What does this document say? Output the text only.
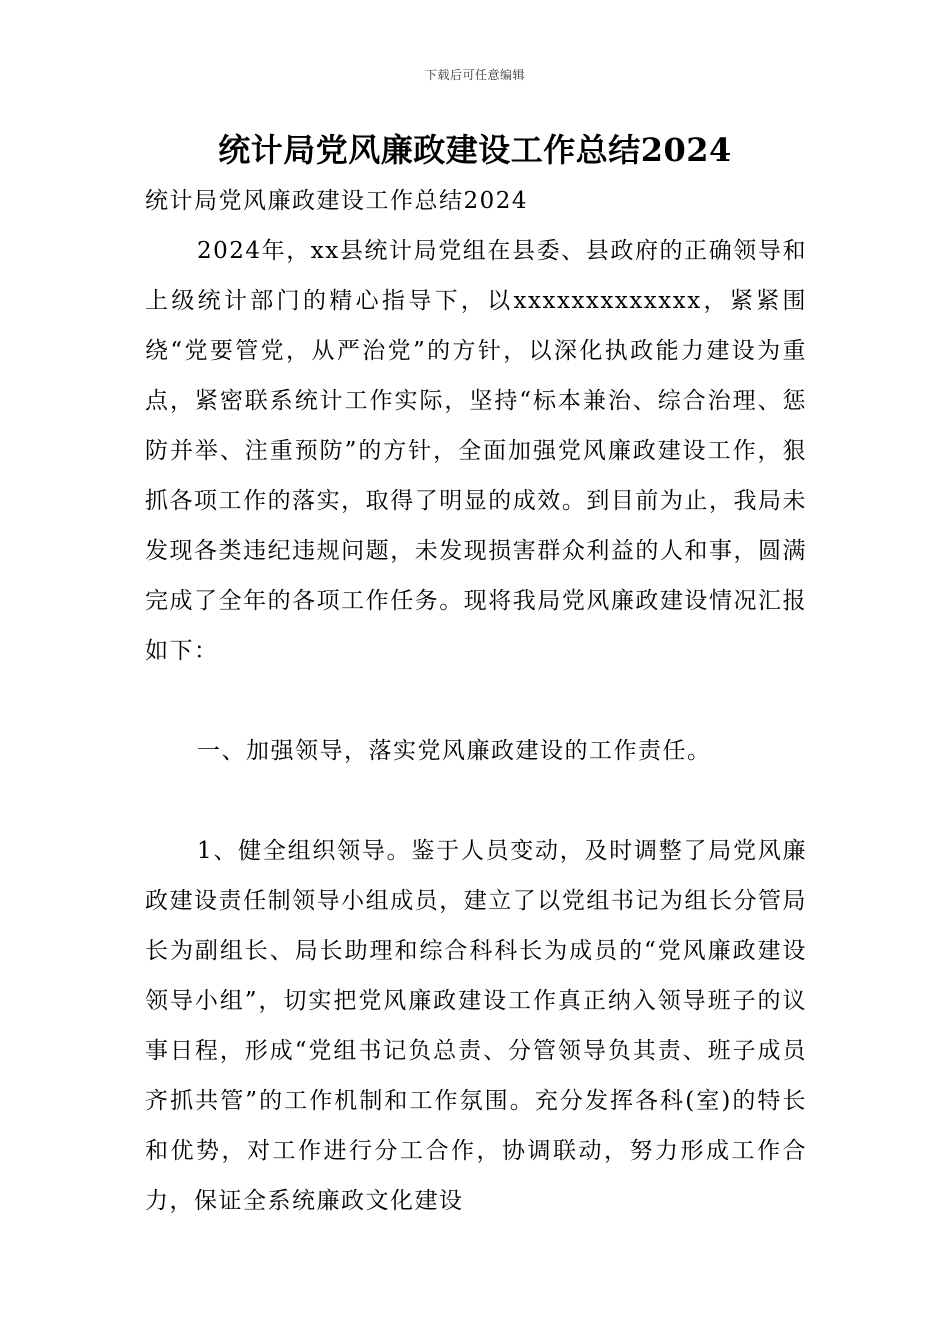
下载后可任意编辑
统计局党风廉政建设工作总结2024

统计局党风廉政建设工作总结2024

2024年，xx县统计局党组在县委、县政府的正确领导和上级统计部门的精心指导下，以xxxxxxxxxxxxx，紧紧围绕“党要管党，从严治党”的方针，以深化执政能力建设为重点，紧密联系统计工作实际，坚持“标本兼治、综合治理、惩防并举、注重预防”的方针，全面加强党风廉政建设工作，狠抓各项工作的落实，取得了明显的成效。到目前为止，我局未发现各类违纪违规问题，未发现损害群众利益的人和事，圆满完成了全年的各项工作任务。现将我局党风廉政建设情况汇报如下：

一、加强领导，落实党风廉政建设的工作责任。

1、健全组织领导。鉴于人员变动，及时调整了局党风廉政建设责任制领导小组成员，建立了以党组书记为组长分管局长为副组长、局长助理和综合科科长为成员的“党风廉政建设领导小组”，切实把党风廉政建设工作真正纳入领导班子的议事日程，形成“党组书记负总责、分管领导负其责、班子成员齐抓共管”的工作机制和工作氛围。充分发挥各科(室)的特长和优势，对工作进行分工合作，协调联动，努力形成工作合力，保证全系统廉政文化建设
